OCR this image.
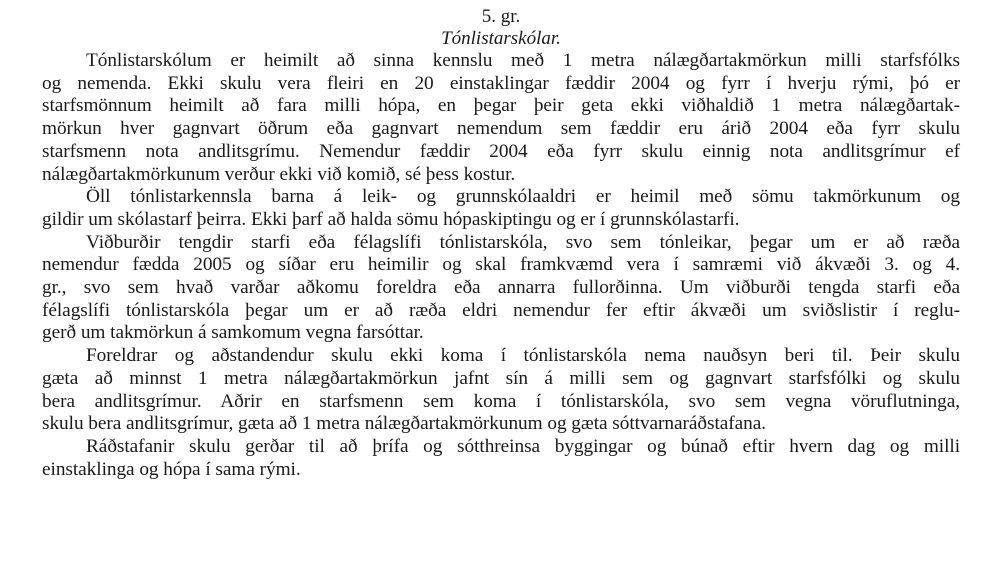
5. gr.

Tónlistarskólar.

Tónlistarskólum er heimilt að sinna kennslu með 1 metra nálægðartakmörkun milli starfsfólks
og nemenda. Ekki skulu vera fleiri en 20 einstaklingar fæddir 2004 og fyrr í hverju rými, þó er
starfsmönnum heimilt að fara milli hópa, en þegar þeir geta ekki viðhaldið 1 metra nálægðartak-
mörkun hver gagnvart öðrum eða gagnvart nemendum sem fæddir eru árið 2004 eða fyrr skulu
starfsmenn nota andlitsgrímu. Nemendur fæddir 2004 eða fyrr skulu einnig nota andlitsgrímur ef
nálægðartakmörkunum verður ekki við komið, sé þess kostur.

Öll tónlistarkennsla barna á leik- og grunnskólaaldri er heimil með sömu takmörkunum og
gildir um skólastarf þeirra. Ekki þarf að halda sömu hópaskiptingu og er í grunnskólastarfi.

Viðburðir tengdir starfi eða félagslífi tónlistarskóla, svo sem tónleikar, þegar um er að ræða
nemendur fædda 2005 og síðar eru heimilir og skal framkvæmd vera í samræmi við ákvæði 3. og 4.
gr., svo sem hvað varðar aðkomu foreldra eða annarra fullorðinna. Um viðburði tengda starfi eða
félagslífi tónlistarskóla þegar um er að ræða eldri nemendur fer eftir ákvæði um sviðslistir í reglu-
gerð um takmörkun á samkomum vegna farsóttar.

Foreldrar og aðstandendur skulu ekki koma í tónlistarskóla nema nauðsyn beri til. Þeir skulu
gæta að minnst 1 metra nálægðartakmörkun jafnt sín á milli sem og gagnvart starfsfólki og skulu
bera andlitsgrímur. Aðrir en starfsmenn sem koma í tónlistarskóla, svo sem vegna vöruflutninga,
skulu bera andlitsgrímur, gæta að 1 metra nálægðartakmörkunum og gæta sóttvarnaráðstafana.

Ráðstafanir skulu gerðar til að þrífa og sótthreinsa byggingar og búnað eftir hvern dag og milli
einstaklinga og hópa í sama rými.
